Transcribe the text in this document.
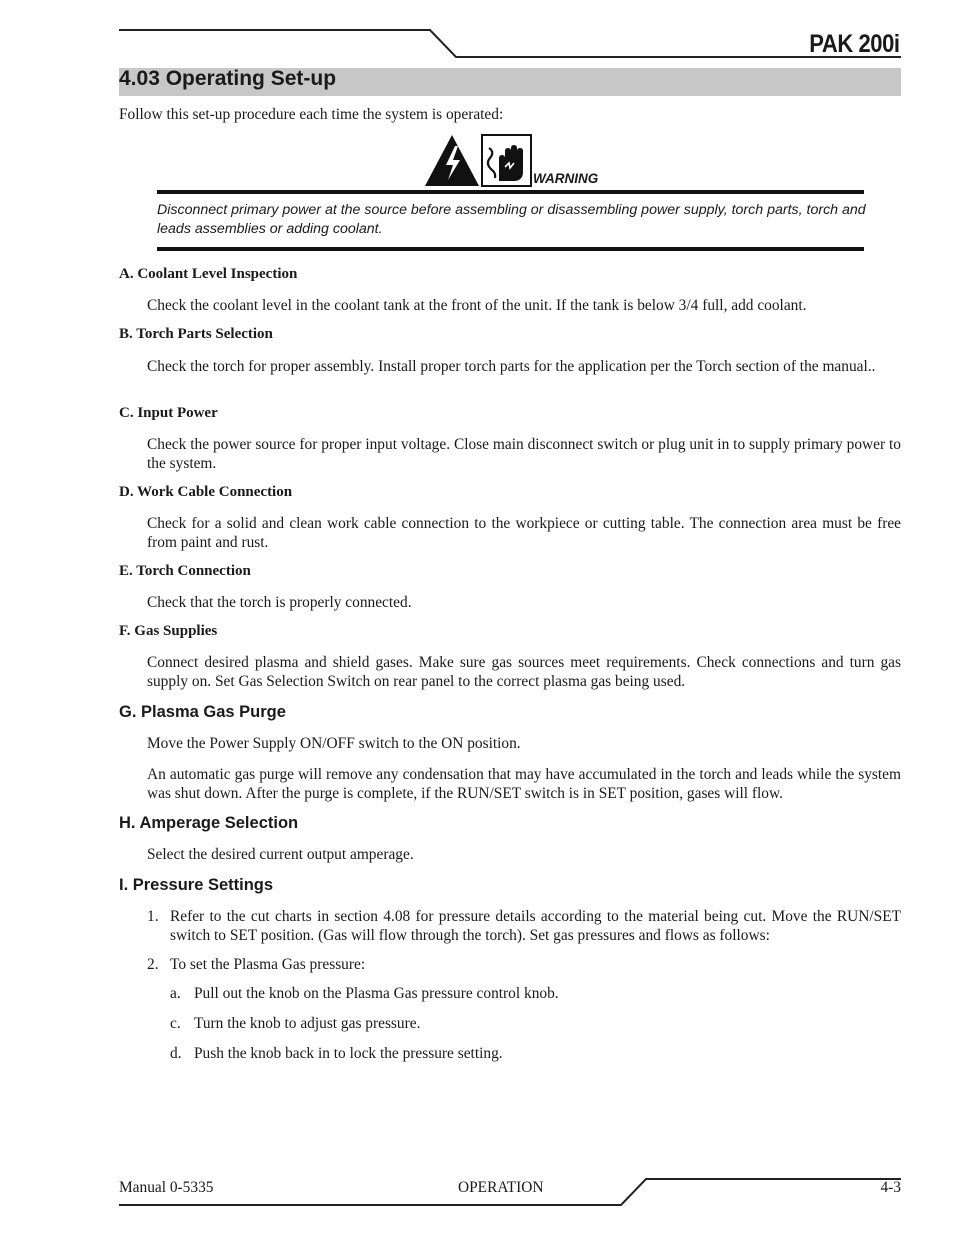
PAK 200i
4.03 Operating Set-up
Follow this set-up procedure each time the system is operated:
WARNING
Disconnect primary power at the source before assembling or disassembling power supply, torch parts, torch and leads assemblies or adding coolant.
A. Coolant Level Inspection
Check the coolant level in the coolant tank at the front of the unit. If the tank is below 3/4 full, add coolant.
B. Torch Parts Selection
Check the torch for proper assembly. Install proper torch parts for the application per the Torch section of the manual..
C. Input Power
Check the power source for proper input voltage. Close main disconnect switch or plug unit in to supply primary power to the system.
D. Work Cable Connection
Check for a solid and clean work cable connection to the workpiece or cutting table. The connection area must be free from paint and rust.
E. Torch Connection
Check that the torch is properly connected.
F. Gas Supplies
Connect desired plasma and shield gases. Make sure gas sources meet requirements. Check connections and turn gas supply on. Set Gas Selection Switch on rear panel to the correct plasma gas being used.
G. Plasma Gas Purge
Move the Power Supply ON/OFF switch to the ON position.
An automatic gas purge will remove any condensation that may have accumulated in the torch and leads while the system was shut down. After the purge is complete, if the RUN/SET switch is in SET position, gases will flow.
H. Amperage Selection
Select the desired current output amperage.
I. Pressure Settings
1. Refer to the cut charts in section 4.08 for pressure details according to the material being cut. Move the RUN/SET switch to SET position. (Gas will flow through the torch). Set gas pressures and flows as follows:
2. To set the Plasma Gas pressure:
a. Pull out the knob on the Plasma Gas pressure control knob.
c. Turn the knob to adjust gas pressure.
d. Push the knob back in to lock the pressure setting.
Manual 0-5335	OPERATION	4-3
